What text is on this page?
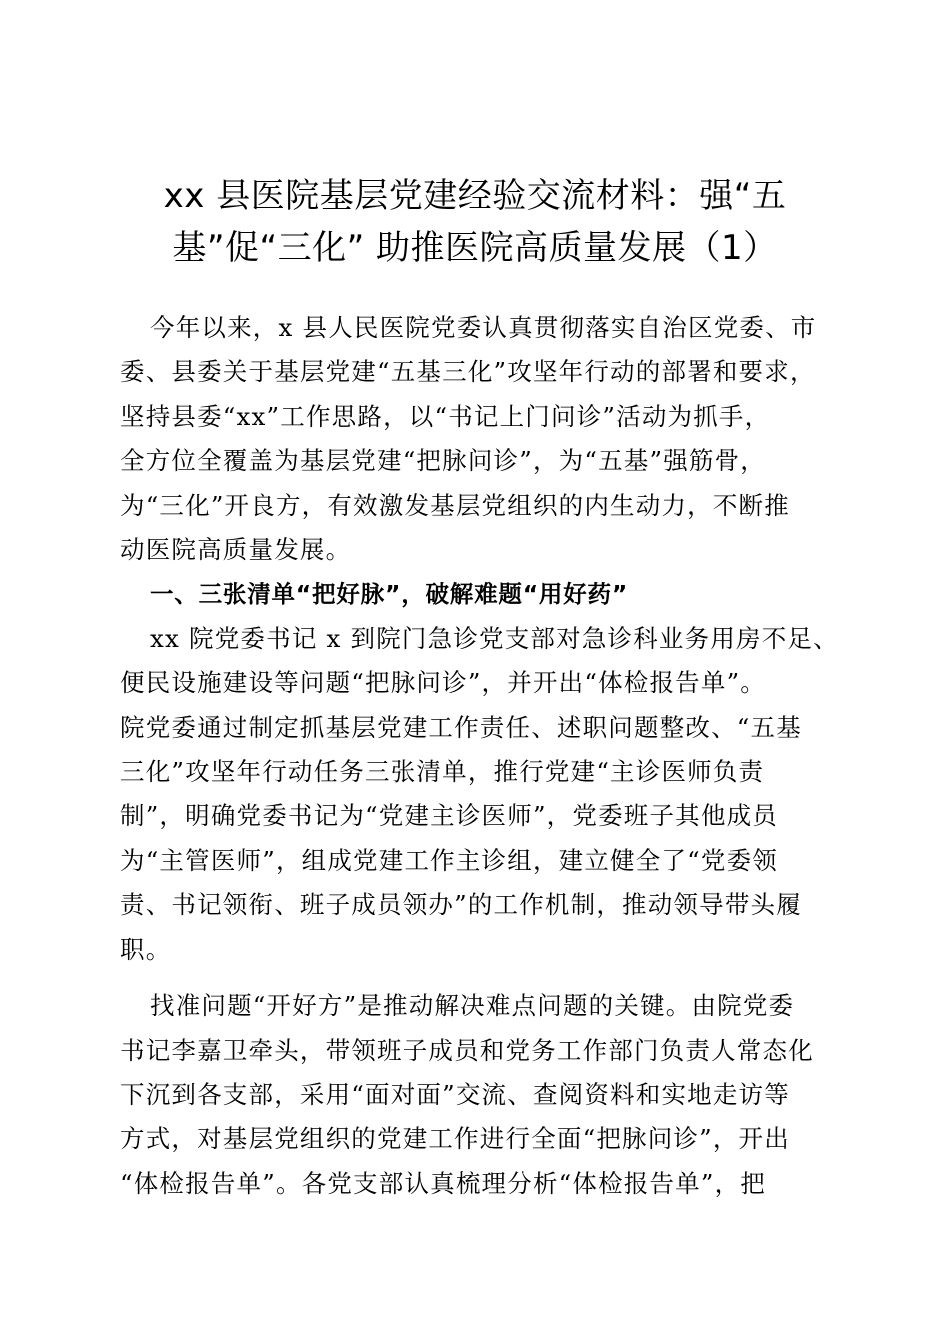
xx 县医院基层党建经验交流材料：强“五
基”促“三化” 助推医院高质量发展（1）

今年以来，x 县人民医院党委认真贯彻落实自治区党委、市
委、县委关于基层党建“五基三化”攻坚年行动的部署和要求，
坚持县委“xx”工作思路，以“书记上门问诊”活动为抓手，
全方位全覆盖为基层党建“把脉问诊”，为“五基”强筋骨，
为“三化”开良方，有效激发基层党组织的内生动力，不断推
动医院高质量发展。

一、三张清单“把好脉”，破解难题“用好药”

xx 院党委书记 x 到院门急诊党支部对急诊科业务用房不足、
便民设施建设等问题“把脉问诊”，并开出“体检报告单”。
院党委通过制定抓基层党建工作责任、述职问题整改、“五基
三化”攻坚年行动任务三张清单，推行党建“主诊医师负责
制”，明确党委书记为“党建主诊医师”，党委班子其他成员
为“主管医师”，组成党建工作主诊组，建立健全了“党委领
责、书记领衔、班子成员领办”的工作机制，推动领导带头履
职。

找准问题“开好方”是推动解决难点问题的关键。由院党委
书记李嘉卫牵头，带领班子成员和党务工作部门负责人常态化
下沉到各支部，采用“面对面”交流、查阅资料和实地走访等
方式，对基层党组织的党建工作进行全面“把脉问诊”，开出
“体检报告单”。各党支部认真梳理分析“体检报告单”，把
